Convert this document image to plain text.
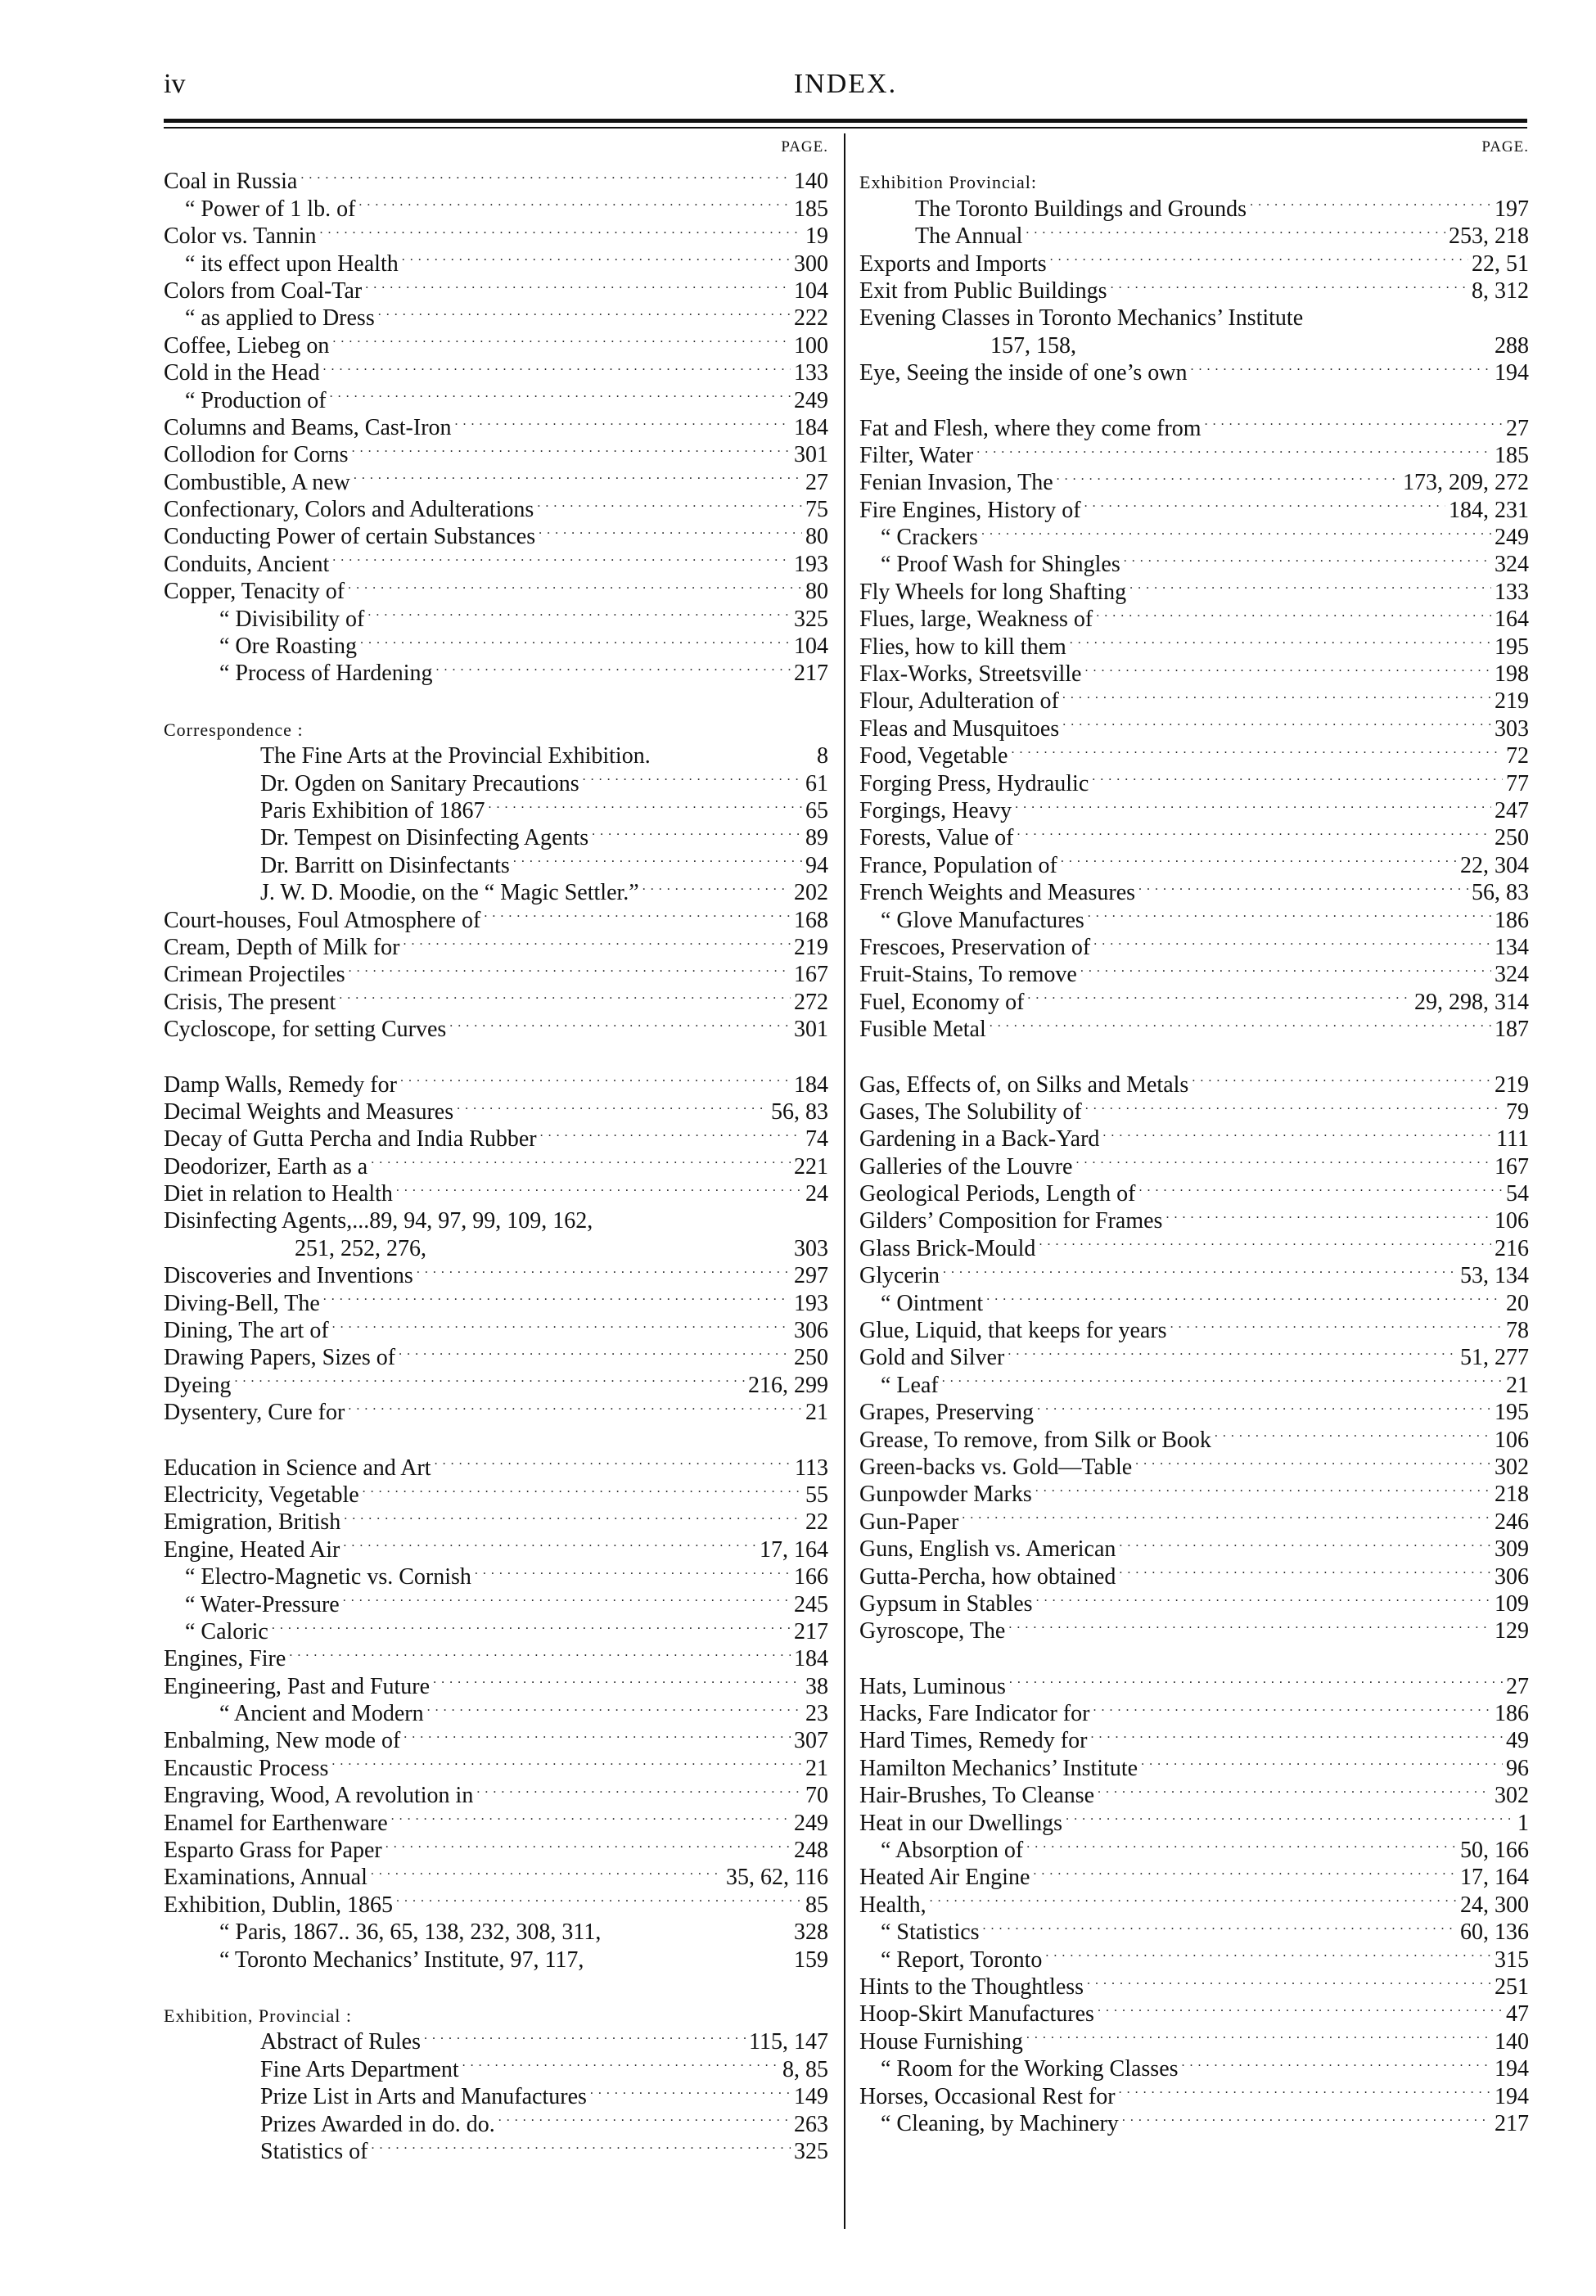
iv	INDEX.
PAGE.
Coal in Russia . . .	140
“ Power of 1 lb. of . . .	185
Color vs. Tannin . . .	19
“ its effect upon Health . . .	300
Colors from Coal-Tar . . .	104
“ as applied to Dress . . .	222
Coffee, Liebeg on . . .	100
Cold in the Head . . .	133
“ Production of . . .	249
Columns and Beams, Cast-Iron . . .	184
Collodion for Corns . . .	301
Combustible, A new . . .	27
Confectionary, Colors and Adulterations . . .	75
Conducting Power of certain Substances . . .	80
Conduits, Ancient . . .	193
Copper, Tenacity of . . .	80
“ Divisibility of . . .	325
“ Ore Roasting . . .	104
“ Process of Hardening . . .	217
Correspondence :
The Fine Arts at the Provincial Exhibition.	8
Dr. Ogden on Sanitary Precautions . . .	61
Paris Exhibition of 1867 . . .	65
Dr. Tempest on Disinfecting Agents . . .	89
Dr. Barritt on Disinfectants . . .	94
J. W. D. Moodie, on the “ Magic Settler.” . . .	202
Court-houses, Foul Atmosphere of . . .	168
Cream, Depth of Milk for . . .	219
Crimean Projectiles . . .	167
Crisis, The present . . .	272
Cycloscope, for setting Curves . . .	301
Damp Walls, Remedy for . . .	184
Decimal Weights and Measures . . .	56, 83
Decay of Gutta Percha and India Rubber . . .	74
Deodorizer, Earth as a . . .	221
Diet in relation to Health . . .	24
Disinfecting Agents,...89, 94, 97, 99, 109, 162,
251, 252, 276,	303
Discoveries and Inventions . . .	297
Diving-Bell, The . . .	193
Dining, The art of . . .	306
Drawing Papers, Sizes of . . .	250
Dyeing . . .	216, 299
Dysentery, Cure for . . .	21
Education in Science and Art . . .	113
Electricity, Vegetable . . .	55
Emigration, British . . .	22
Engine, Heated Air . . .	17, 164
“ Electro-Magnetic vs. Cornish . . .	166
“ Water-Pressure . . .	245
“ Caloric . . .	217
Engines, Fire . . .	184
Engineering, Past and Future . . .	38
“ Ancient and Modern . . .	23
Enbalming, New mode of . . .	307
Encaustic Process . . .	21
Engraving, Wood, A revolution in . . .	70
Enamel for Earthenware . . .	249
Esparto Grass for Paper . . .	248
Examinations, Annual . . .	35, 62, 116
Exhibition, Dublin, 1865 . . .	85
“ Paris, 1867.. 36, 65, 138, 232, 308, 311,	328
“ Toronto Mechanics’ Institute, 97, 117,	159
Exhibition, Provincial :
Abstract of Rules . . .	115, 147
Fine Arts Department . . .	8, 85
Prize List in Arts and Manufactures . . .	149
Prizes Awarded in do. do. . . .	263
Statistics of . . .	325
PAGE.
Exhibition Provincial:
The Toronto Buildings and Grounds . . .	197
The Annual . . .	253, 218
Exports and Imports . . .	22, 51
Exit from Public Buildings . . .	8, 312
Evening Classes in Toronto Mechanics’ Institute
157, 158,	288
Eye, Seeing the inside of one’s own . . .	194
Fat and Flesh, where they come from . . .	27
Filter, Water . . .	185
Fenian Invasion, The . . .	173, 209, 272
Fire Engines, History of . . .	184, 231
“ Crackers . . .	249
“ Proof Wash for Shingles . . .	324
Fly Wheels for long Shafting . . .	133
Flues, large, Weakness of . . .	164
Flies, how to kill them . . .	195
Flax-Works, Streetsville . . .	198
Flour, Adulteration of . . .	219
Fleas and Musquitoes . . .	303
Food, Vegetable . . .	72
Forging Press, Hydraulic . . .	77
Forgings, Heavy . . .	247
Forests, Value of . . .	250
France, Population of . . .	22, 304
French Weights and Measures . . .	56, 83
“ Glove Manufactures . . .	186
Frescoes, Preservation of . . .	134
Fruit-Stains, To remove . . .	324
Fuel, Economy of . . .	29, 298, 314
Fusible Metal . . .	187
Gas, Effects of, on Silks and Metals . . .	219
Gases, The Solubility of . . .	79
Gardening in a Back-Yard . . .	111
Galleries of the Louvre . . .	167
Geological Periods, Length of . . .	54
Gilders’ Composition for Frames . . .	106
Glass Brick-Mould . . .	216
Glycerin . . .	53, 134
“ Ointment . . .	20
Glue, Liquid, that keeps for years . . .	78
Gold and Silver . . .	51, 277
“ Leaf . . .	21
Grapes, Preserving . . .	195
Grease, To remove, from Silk or Book . . .	106
Green-backs vs. Gold—Table . . .	302
Gunpowder Marks . . .	218
Gun-Paper . . .	246
Guns, English vs. American . . .	309
Gutta-Percha, how obtained . . .	306
Gypsum in Stables . . .	109
Gyroscope, The . . .	129
Hats, Luminous . . .	27
Hacks, Fare Indicator for . . .	186
Hard Times, Remedy for . . .	49
Hamilton Mechanics’ Institute . . .	96
Hair-Brushes, To Cleanse . . .	302
Heat in our Dwellings . . .	1
“ Absorption of . . .	50, 166
Heated Air Engine . . .	17, 164
Health, . . .	24, 300
“ Statistics . . .	60, 136
“ Report, Toronto . . .	315
Hints to the Thoughtless . . .	251
Hoop-Skirt Manufactures . . .	47
House Furnishing . . .	140
“ Room for the Working Classes . . .	194
Horses, Occasional Rest for . . .	194
“ Cleaning, by Machinery . . .	217
